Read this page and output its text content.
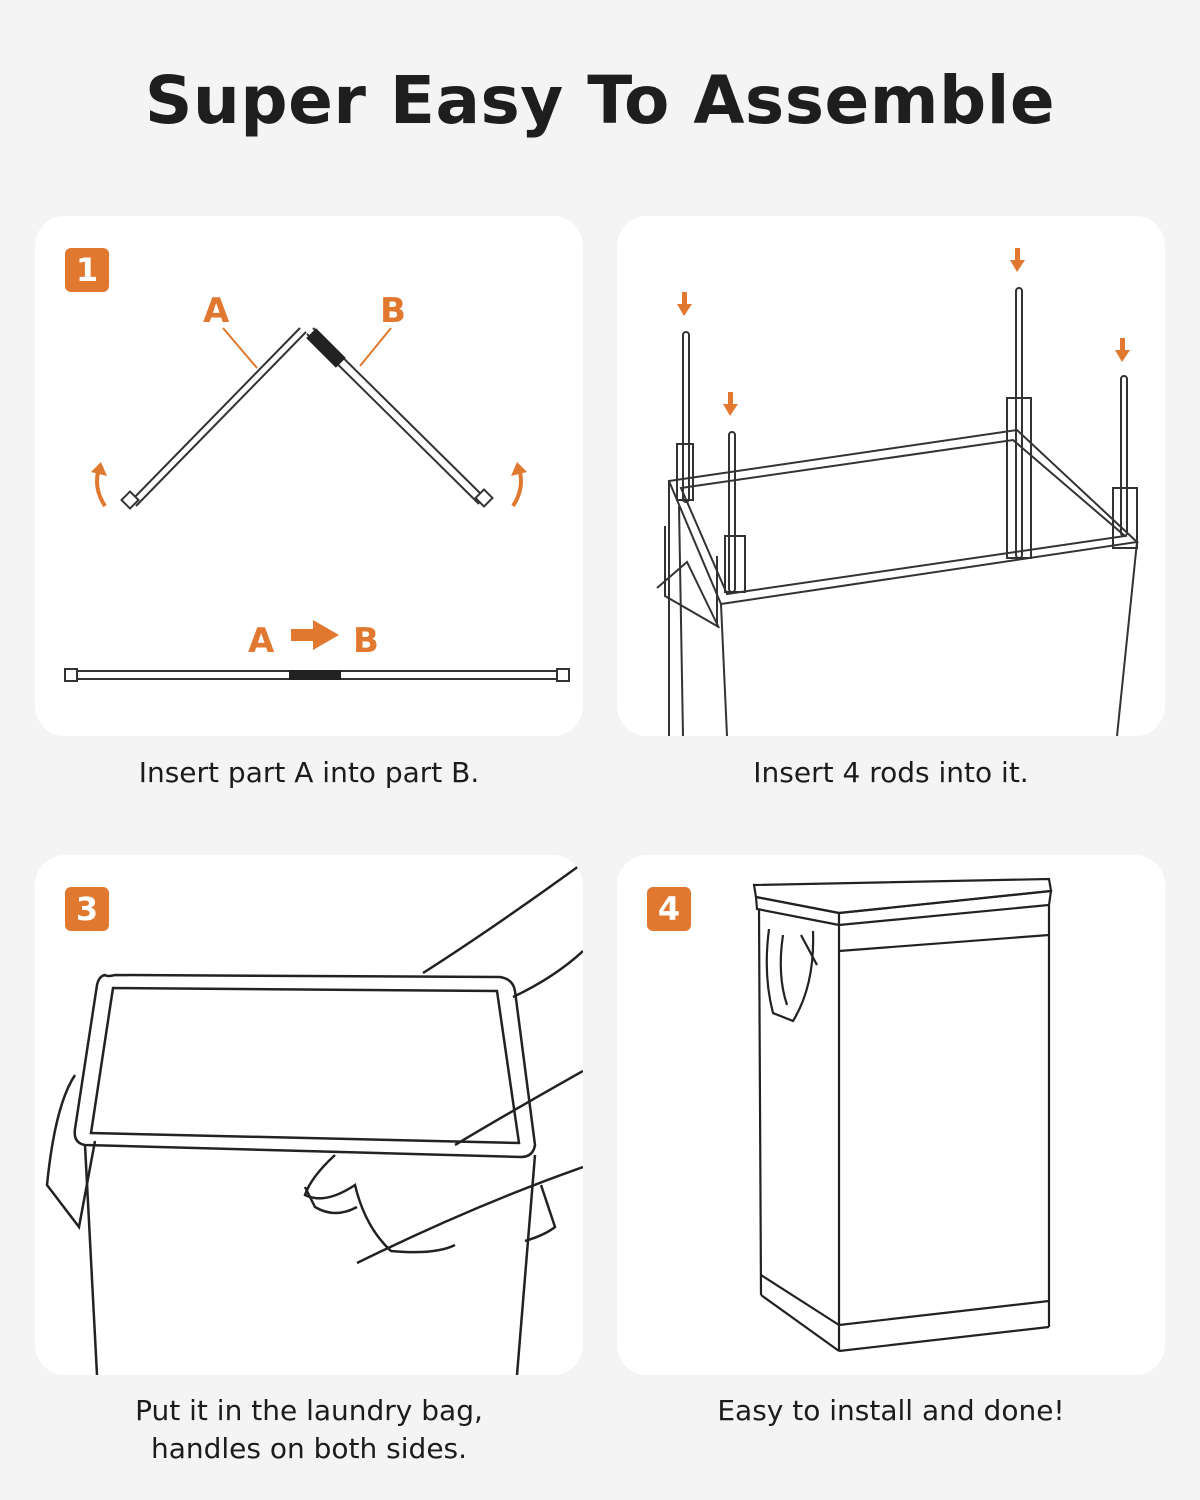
Super Easy To Assemble
A	B
A B
1
Insert part A into part B.	Insert 4 rods into it.
3
Put it in the laundry bag,
handles on both sides.
4
Easy to install and done!
